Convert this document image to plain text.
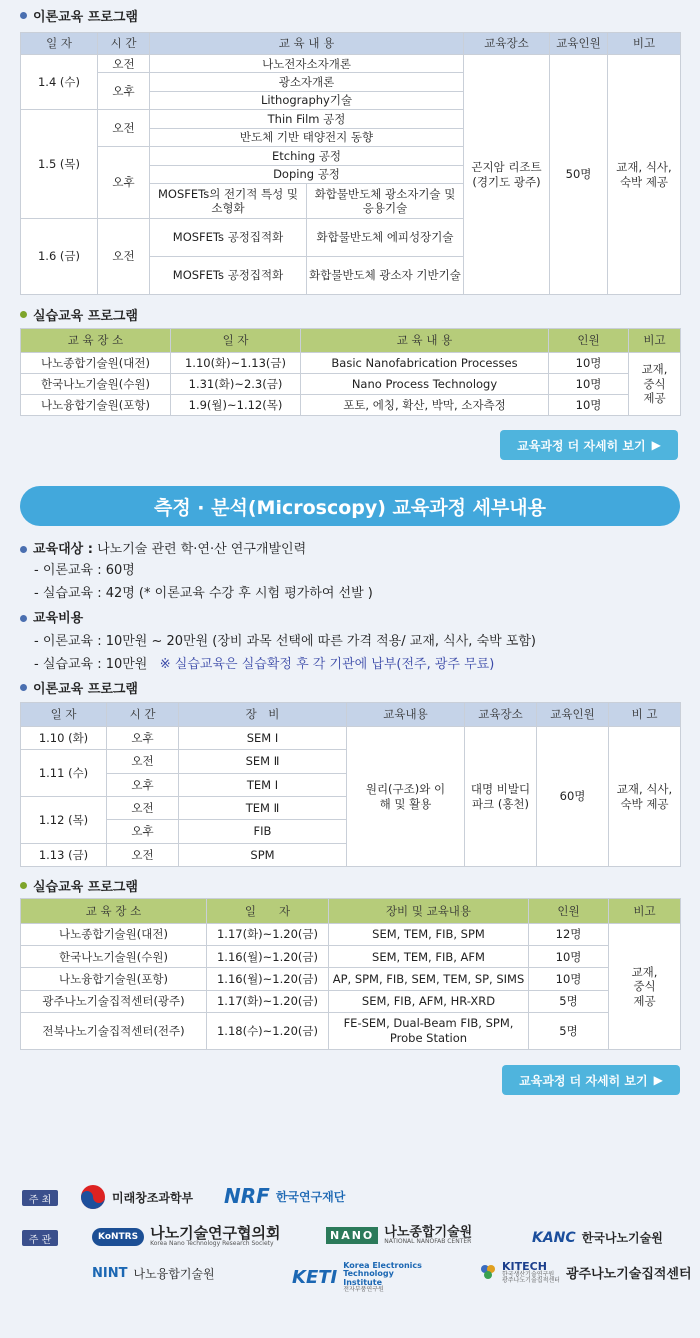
이론교육 프로그램
일 자	시 간	교 육 내 용		교육장소	교육인원	비고
1.4 (수)	오전	나노전자소자개론		곤지암 리조트 (경기도 광주)	50명	교재, 식사, 숙박 제공
	오후	광소자개론				
		Lithography기술				
1.5 (목)	오전	Thin Film 공정				
		반도체 기반 태양전지 동향				
	오후	Etching 공정				
		Doping 공정				
		MOSFETs의 전기적 특성 및 소형화	화합물반도체 광소자기술 및 응용기술			
1.6 (금)	오전	MOSFETs 공정집적화	화합물반도체 에피성장기술			
		MOSFETs 공정집적화	화합물반도체 광소자 기반기술			
실습교육 프로그램
교 육 장 소	일 자	교 육 내 용	인원	비고
나노종합기술원(대전)	1.10(화)~1.13(금)	Basic Nanofabrication Processes	10명	교재, 중식 제공
한국나노기술원(수원)	1.31(화)~2.3(금)	Nano Process Technology	10명	
나노융합기술원(포항)	1.9(월)~1.12(목)	포토, 에칭, 확산, 박막, 소자측정	10명	
교육과정 더 자세히 보기 ▶
측정 · 분석(Microscopy) 교육과정 세부내용
교육대상 : 나노기술 관련 학·연·산 연구개발인력
- 이론교육 : 60명
- 실습교육 : 42명 (* 이론교육 수강 후 시험 평가하여 선발 )
교육비용
- 이론교육 : 10만원 ~ 20만원 (장비 과목 선택에 따른 가격 적용/ 교재, 식사, 숙박 포함)
- 실습교육 : 10만원 ※ 실습교육은 실습확정 후 각 기관에 납부(전주, 광주 무료)
이론교육 프로그램
일 자	시 간	장　비	교육내용	교육장소	교육인원	비 고
1.10 (화)	오후	SEM Ⅰ	원리(구조)와 이해 및 활용	대명 비발디파크 (홍천)	60명	교재, 식사, 숙박 제공
1.11 (수)	오전	SEM Ⅱ				
	오후	TEM Ⅰ				
1.12 (목)	오전	TEM Ⅱ				
	오후	FIB				
1.13 (금)	오전	SPM				
실습교육 프로그램
교 육 장 소	일　　자	장비 및 교육내용	인원	비고
나노종합기술원(대전)	1.17(화)~1.20(금)	SEM, TEM, FIB, SPM	12명	교재, 중식 제공
한국나노기술원(수원)	1.16(월)~1.20(금)	SEM, TEM, FIB, AFM	10명	
나노융합기술원(포항)	1.16(월)~1.20(금)	AP, SPM, FIB, SEM, TEM, SP, SIMS	10명	
광주나노기술집적센터(광주)	1.17(화)~1.20(금)	SEM, FIB, AFM, HR-XRD	5명	
전북나노기술집적센터(전주)	1.18(수)~1.20(금)	FE-SEM, Dual-Beam FIB, SPM, Probe Station	5명	
교육과정 더 자세히 보기 ▶
주 최
주 관
미래창조과학부 NRF 한국연구재단
KoNTRS 나노기술연구협의회
Korea Nano Technology Research Society
NANO 나노종합기술원
NATIONAL NANOFAB CENTER	KANC 한국나노기술원
NINT 나노융합기술원	KETI
Korea Electronics Technology Institute
전자부품연구원
KITECH
한국생산기술연구원
광주나노기술집적센터 광주나노기술집적센터
